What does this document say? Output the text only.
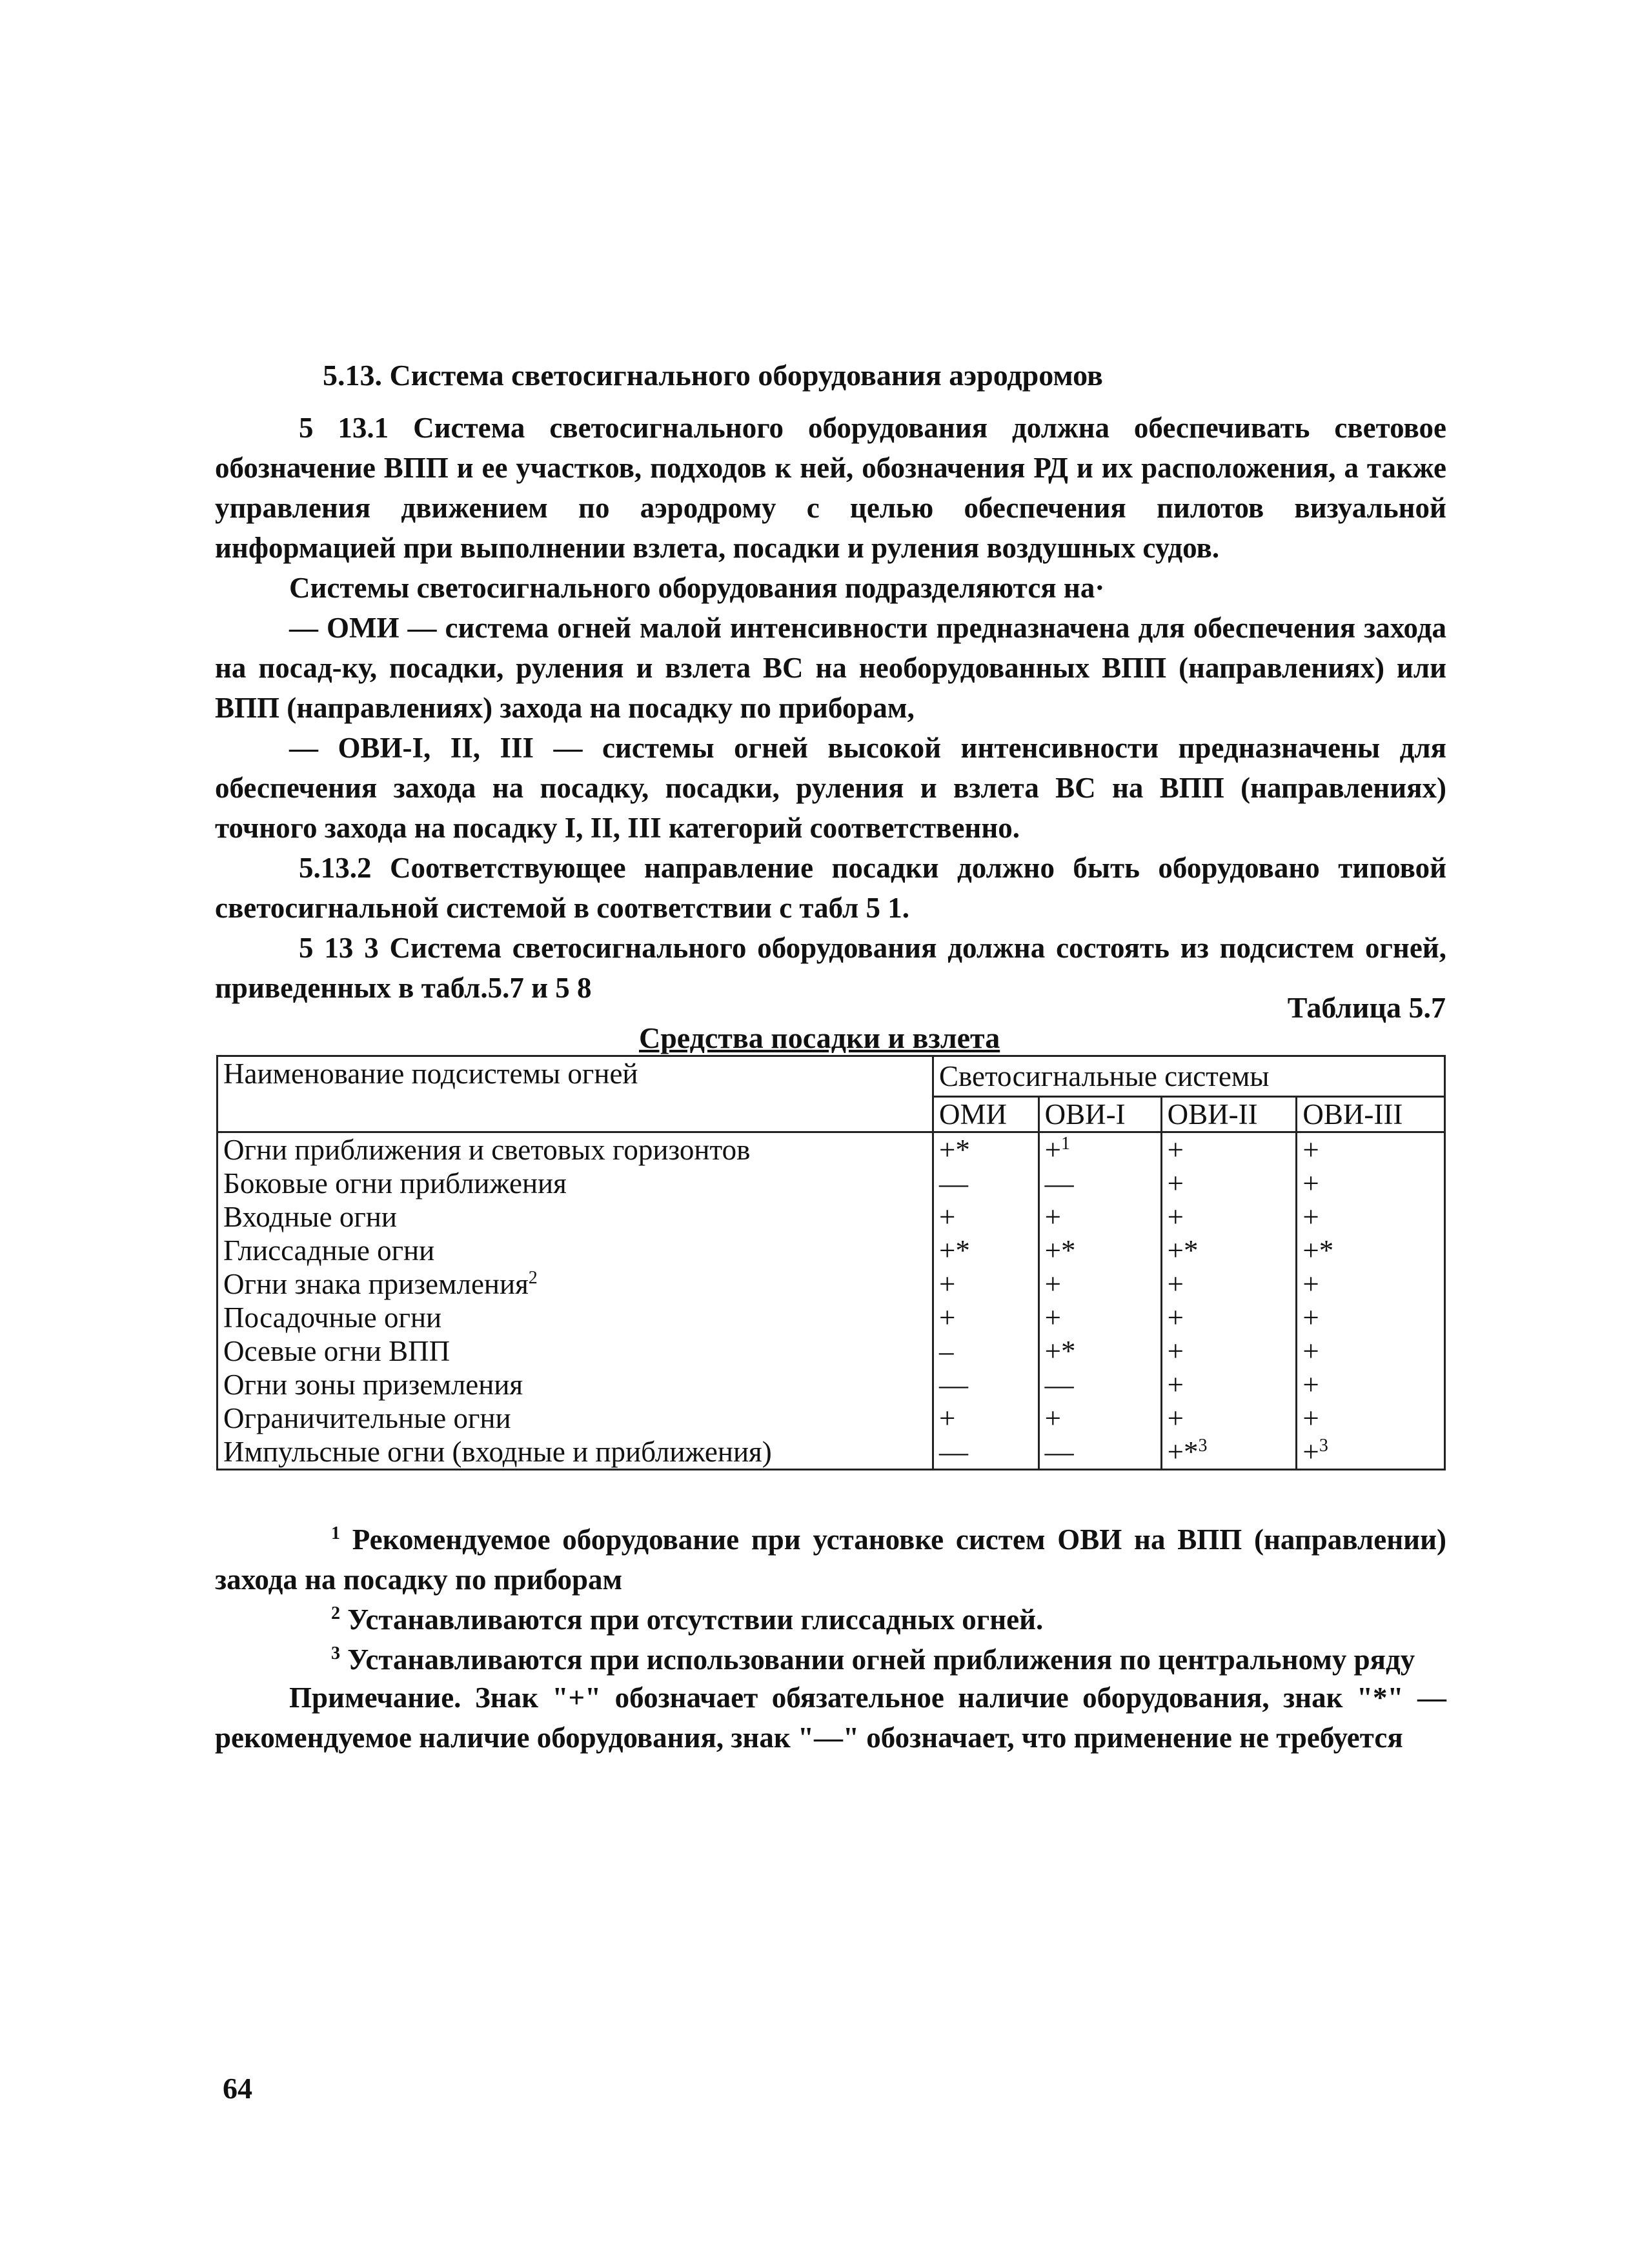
5.13. Система светосигнального оборудования аэродромов

5 13.1 Система светосигнального оборудования должна обеспечивать световое обозначение ВПП и ее участков, подходов к ней, обозначения РД и их расположения, а также управления движением по аэродрому с целью обеспечения пилотов визуальной информацией при выполнении взлета, посадки и руления воздушных судов.

Системы светосигнального оборудования подразделяются на·

— ОМИ — система огней малой интенсивности предназначена для обеспечения захода на посад-ку, посадки, руления и взлета ВС на необорудованных ВПП (направлениях) или ВПП (направлениях) захода на посадку по приборам,

— ОВИ-I, II, III — системы огней высокой интенсивности предназначены для обеспечения захода на посадку, посадки, руления и взлета ВС на ВПП (направлениях) точного захода на посадку I, II, III категорий соответственно.

5.13.2 Соответствующее направление посадки должно быть оборудовано типовой светосигнальной системой в соответствии с табл 5 1.

5 13 3 Система светосигнального оборудования должна состоять из подсистем огней, приведенных в табл.5.7 и 5 8

Таблица 5.7
Средства посадки и взлета
Наименование подсистемы огней	Светосигнальные системы			
	ОМИ	ОВИ-I	ОВИ-II	ОВИ-III
Огни приближения и световых горизонтов	+*	+$^1$	+	+
Боковые огни приближения	—	—	+	+
Входные огни	+	+	+	+
Глиссадные огни	+*	+*	+*	+*
Огни знака приземления$^2$	+	+	+	+
Посадочные огни	+	+	+	+
Осевые огни ВПП	–	+*	+	+
Огни зоны приземления	—	—	+	+
Ограничительные огни	+	+	+	+
Импульсные огни (входные и приближения)	—	—	+*$^3$	+$^3$

$^1$ Рекомендуемое оборудование при установке систем ОВИ на ВПП (направлении) захода на посадку по приборам

$^2$ Устанавливаются при отсутствии глиссадных огней.

$^3$ Устанавливаются при использовании огней приближения по центральному ряду

Примечание. Знак "+" обозначает обязательное наличие оборудования, знак "*" — рекомендуемое наличие оборудования, знак "—" обозначает, что применение не требуется

64
